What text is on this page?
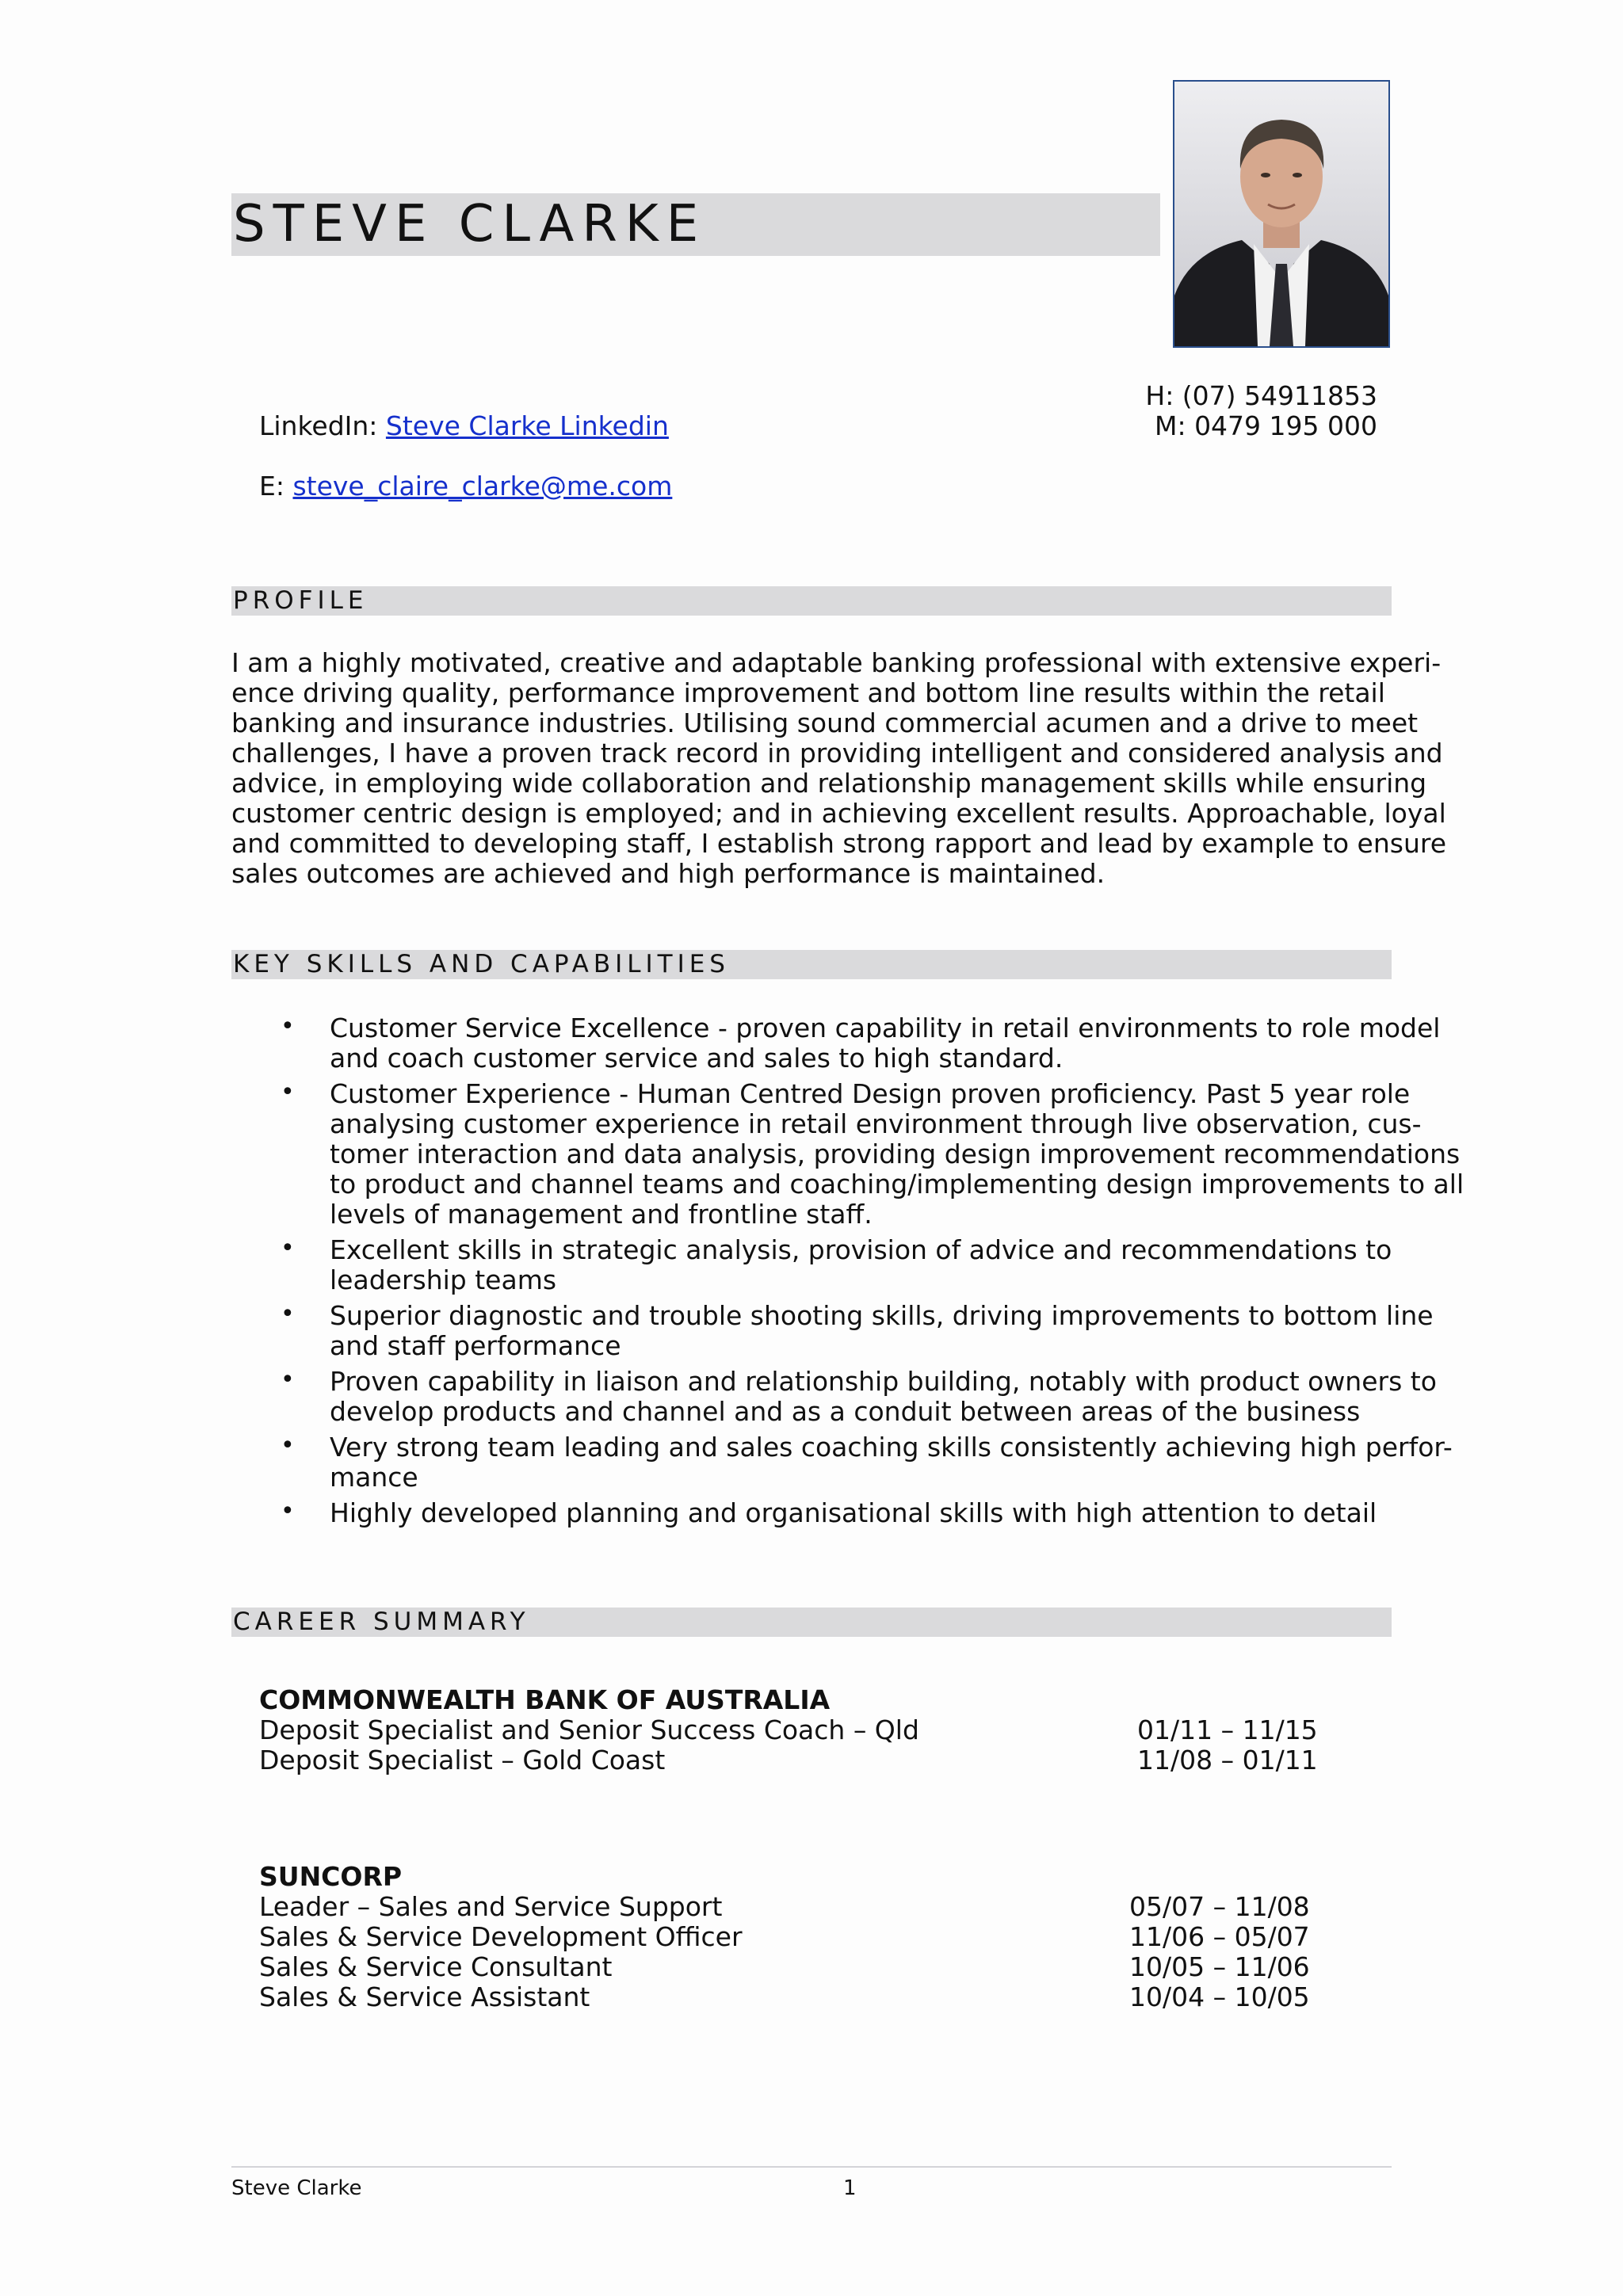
STEVE CLARKE
LinkedIn: Steve Clarke Linkedin
E: steve_claire_clarke@me.com
H: (07) 54911853
M: 0479 195 000
PROFILE
I am a highly motivated, creative and adaptable banking professional with extensive experi-
ence driving quality, performance improvement and bottom line results within the retail
banking and insurance industries. Utilising sound commercial acumen and a drive to meet
challenges, I have a proven track record in providing intelligent and considered analysis and
advice, in employing wide collaboration and relationship management skills while ensuring
customer centric design is employed; and in achieving excellent results. Approachable, loyal
and committed to developing staff, I establish strong rapport and lead by example to ensure
sales outcomes are achieved and high performance is maintained.
KEY SKILLS AND CAPABILITIES
• Customer Service Excellence - proven capability in retail environments to role model
and coach customer service and sales to high standard.
• Customer Experience - Human Centred Design proven proficiency. Past 5 year role
analysing customer experience in retail environment through live observation, cus-
tomer interaction and data analysis, providing design improvement recommendations
to product and channel teams and coaching/implementing design improvements to all
levels of management and frontline staff.
• Excellent skills in strategic analysis, provision of advice and recommendations to
leadership teams
• Superior diagnostic and trouble shooting skills, driving improvements to bottom line
and staff performance
• Proven capability in liaison and relationship building, notably with product owners to
develop products and channel and as a conduit between areas of the business
• Very strong team leading and sales coaching skills consistently achieving high perfor-
mance
• Highly developed planning and organisational skills with high attention to detail
CAREER SUMMARY
COMMONWEALTH BANK OF AUSTRALIA
Deposit Specialist and Senior Success Coach – Qld	01/11 – 11/15
Deposit Specialist – Gold Coast	11/08 – 01/11
SUNCORP
Leader – Sales and Service Support	05/07 – 11/08
Sales & Service Development Officer	11/06 – 05/07
Sales & Service Consultant	10/05 – 11/06
Sales & Service Assistant	10/04 – 10/05
Steve Clarke	1
